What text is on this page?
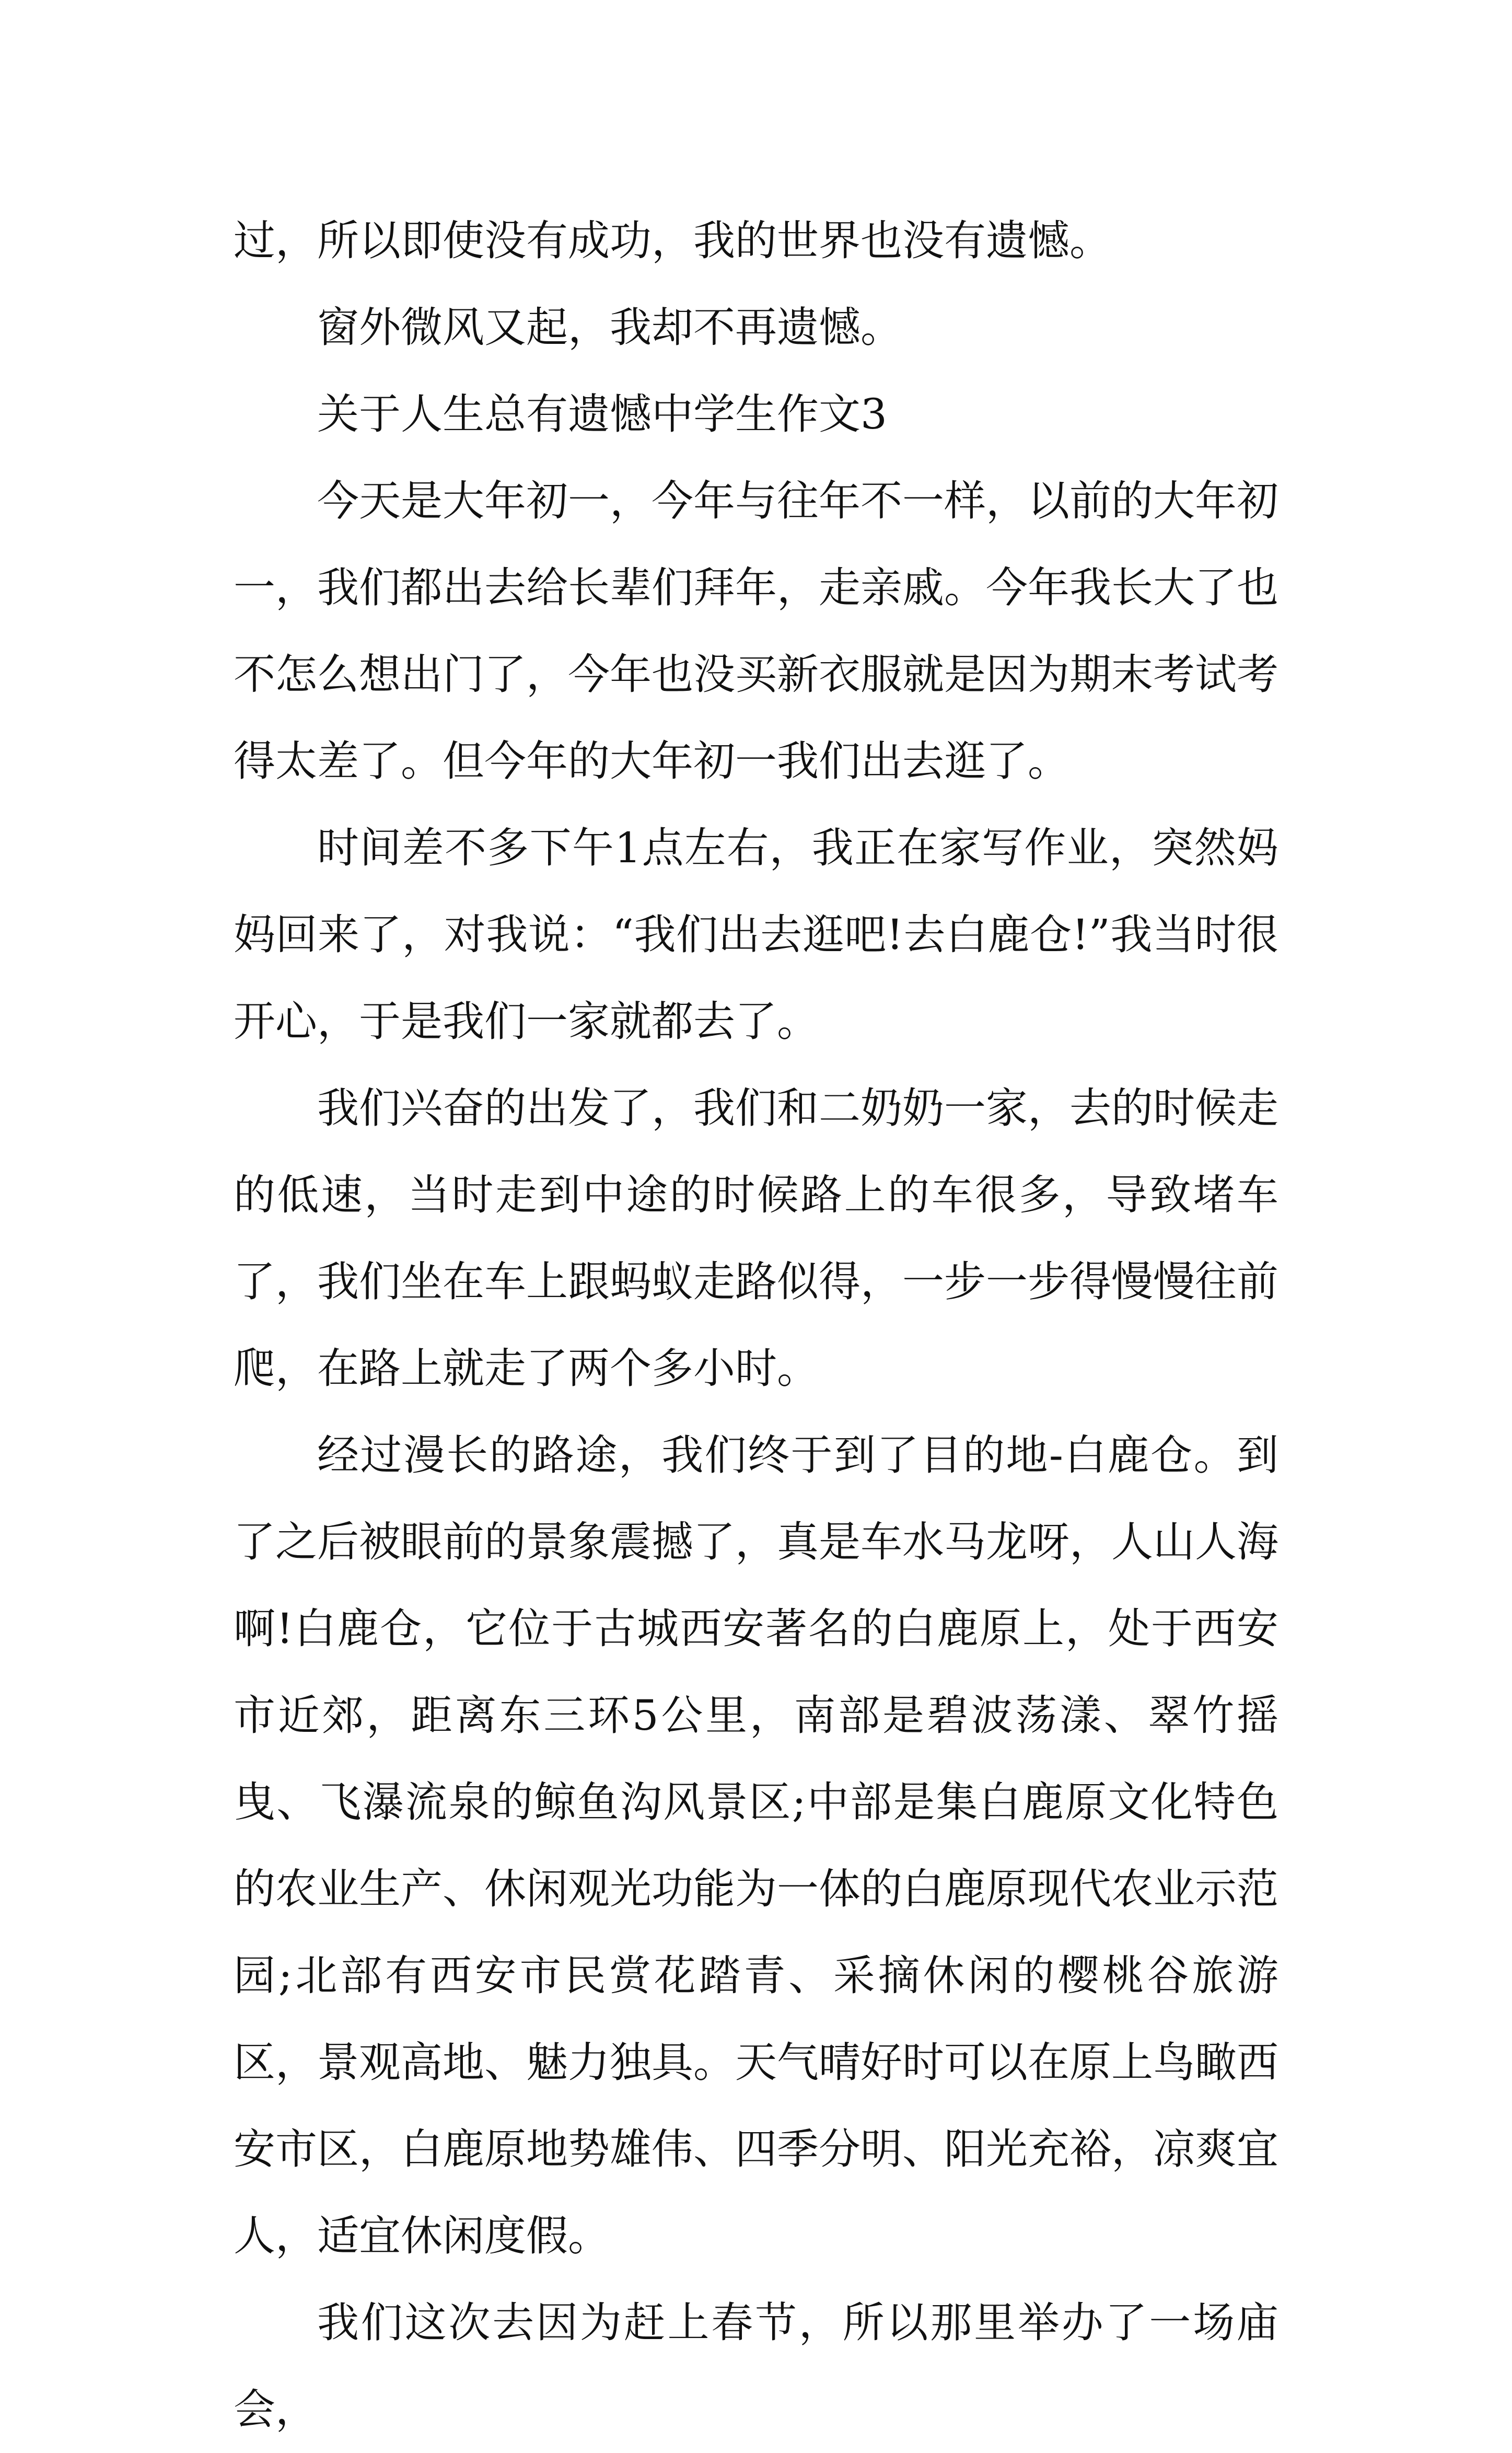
过，所以即使没有成功，我的世界也没有遗憾。

窗外微风又起，我却不再遗憾。

关于人生总有遗憾中学生作文3

今天是大年初一，今年与往年不一样，以前的大年初一，我们都出去给长辈们拜年，走亲戚。今年我长大了也不怎么想出门了，今年也没买新衣服就是因为期末考试考得太差了。但今年的大年初一我们出去逛了。

时间差不多下午1点左右，我正在家写作业，突然妈妈回来了，对我说：“我们出去逛吧!去白鹿仓!”我当时很开心，于是我们一家就都去了。

我们兴奋的出发了，我们和二奶奶一家，去的时候走的低速，当时走到中途的时候路上的车很多，导致堵车了，我们坐在车上跟蚂蚁走路似得，一步一步得慢慢往前爬，在路上就走了两个多小时。

经过漫长的路途，我们终于到了目的地-白鹿仓。到了之后被眼前的景象震撼了，真是车水马龙呀，人山人海啊!白鹿仓，它位于古城西安著名的白鹿原上，处于西安市近郊，距离东三环5公里，南部是碧波荡漾、翠竹摇曳、飞瀑流泉的鲸鱼沟风景区;中部是集白鹿原文化特色的农业生产、休闲观光功能为一体的白鹿原现代农业示范园;北部有西安市民赏花踏青、采摘休闲的樱桃谷旅游区，景观高地、魅力独具。天气晴好时可以在原上鸟瞰西安市区，白鹿原地势雄伟、四季分明、阳光充裕，凉爽宜人，适宜休闲度假。

我们这次去因为赶上春节，所以那里举办了一场庙会，
